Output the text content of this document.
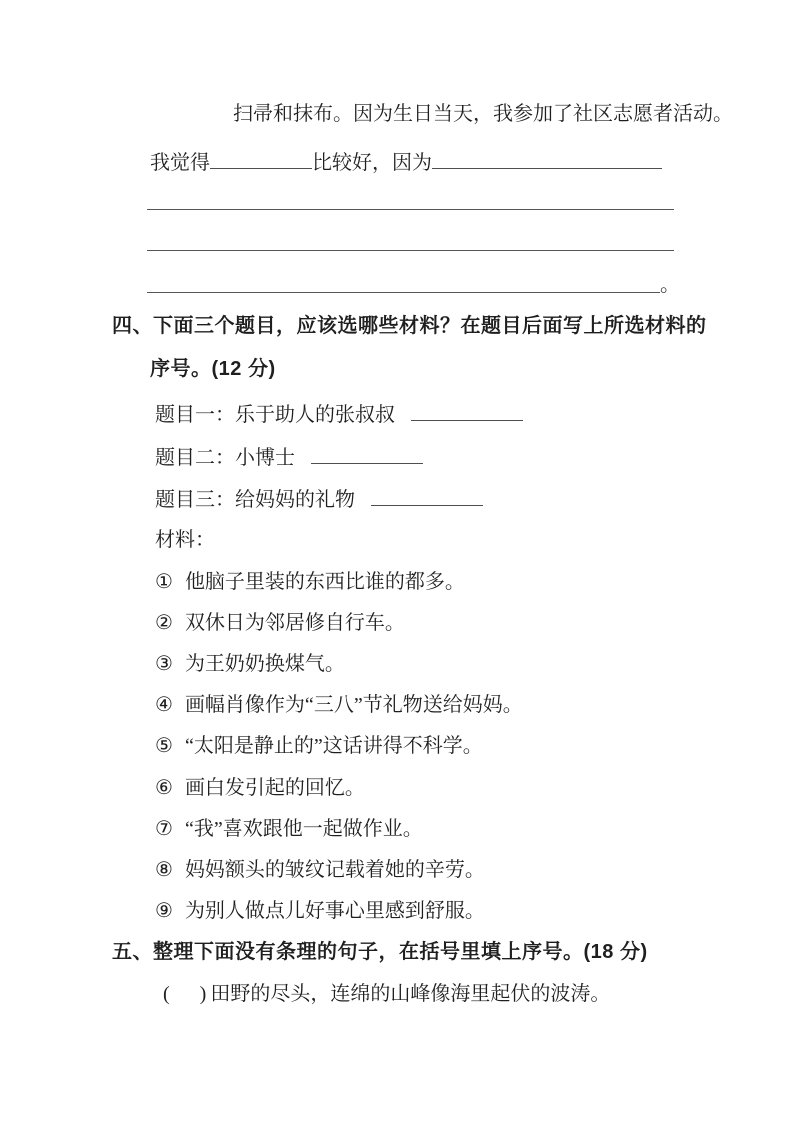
扫帚和抹布。因为生日当天，我参加了社区志愿者活动。
我觉得	比较好，因为
。
四、下面三个题目，应该选哪些材料？在题目后面写上所选材料的
序号。(12 分)
题目一：乐于助人的张叔叔
题目二：小博士
题目三：给妈妈的礼物
材料：
① 他脑子里装的东西比谁的都多。
② 双休日为邻居修自行车。
③ 为王奶奶换煤气。
④ 画幅肖像作为“三八”节礼物送给妈妈。
⑤ “太阳是静止的”这话讲得不科学。
⑥ 画白发引起的回忆。
⑦ “我”喜欢跟他一起做作业。
⑧ 妈妈额头的皱纹记载着她的辛劳。
⑨ 为别人做点儿好事心里感到舒服。
五、整理下面没有条理的句子，在括号里填上序号。(18 分)
( ) 田野的尽头，连绵的山峰像海里起伏的波涛。
